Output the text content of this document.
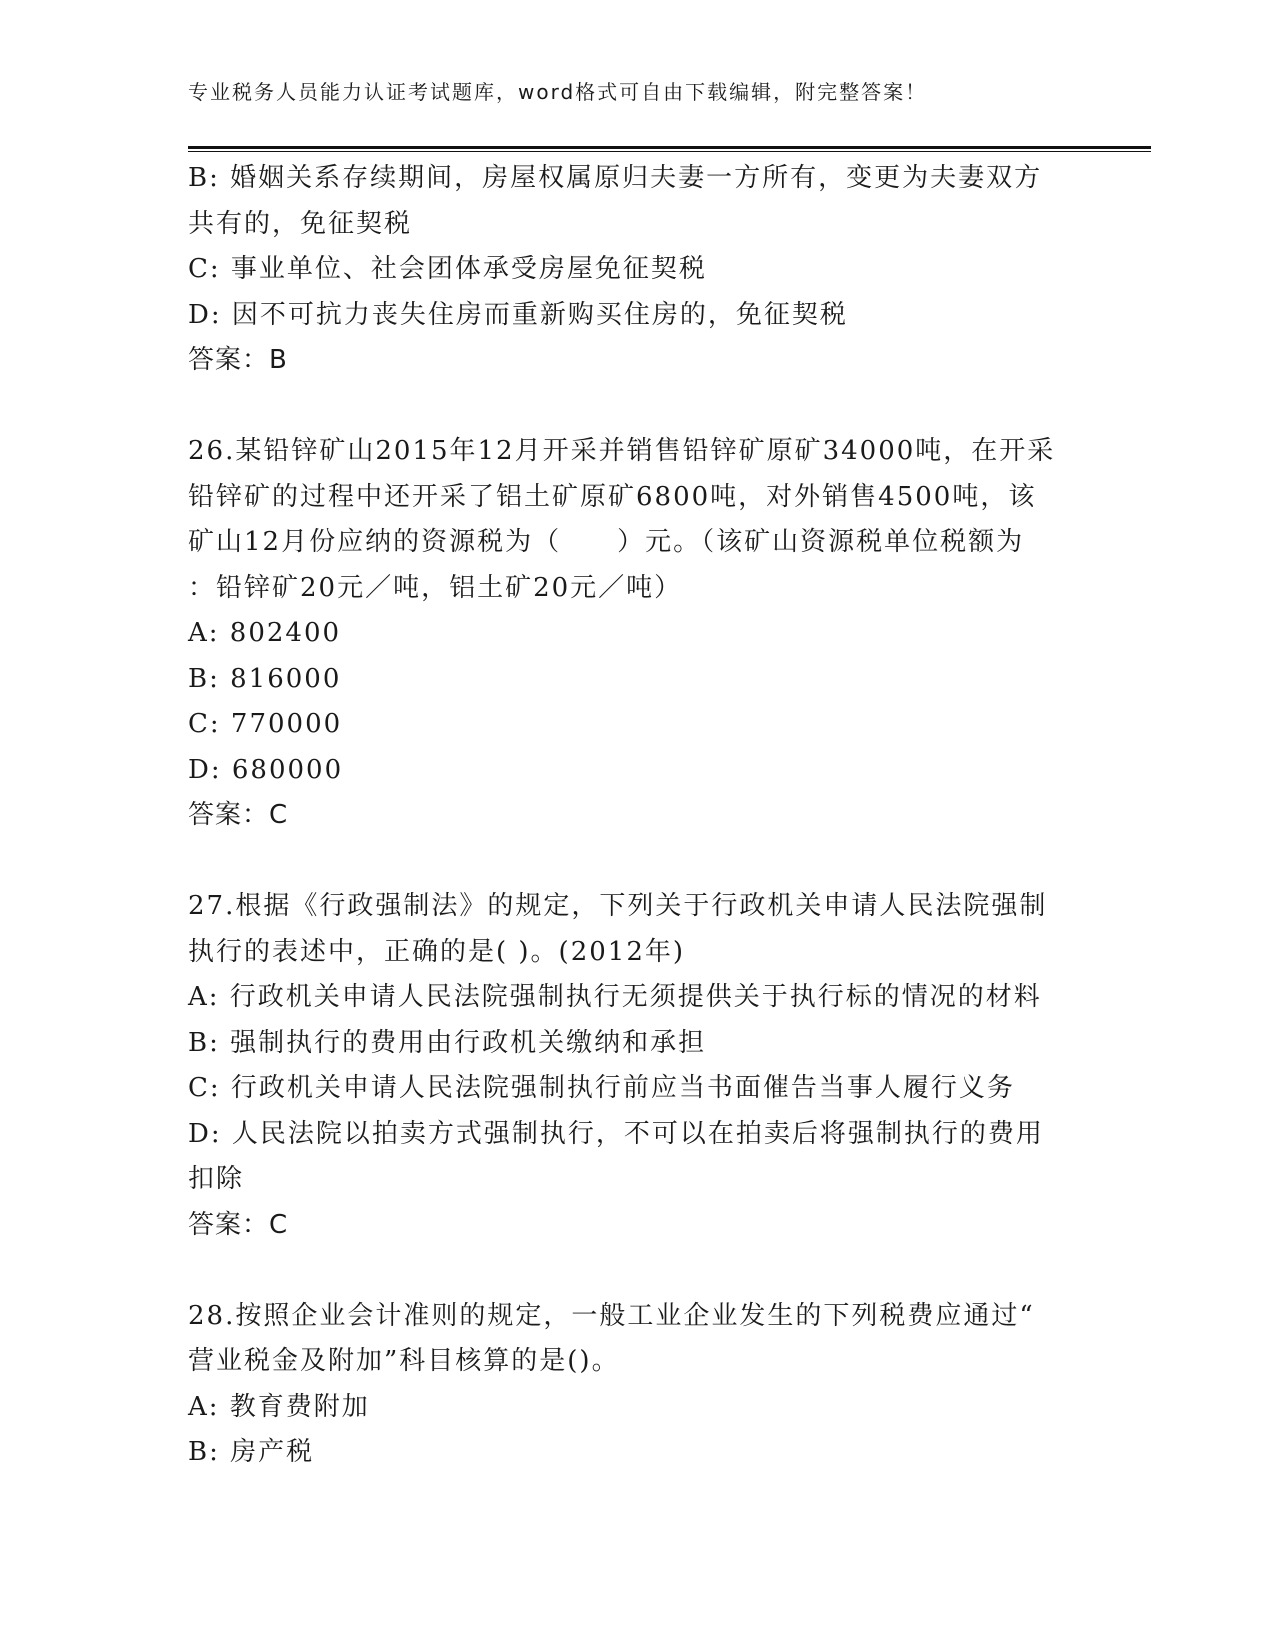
专业税务人员能力认证考试题库，word格式可自由下载编辑，附完整答案！
B: 婚姻关系存续期间，房屋权属原归夫妻一方所有，变更为夫妻双方
共有的，免征契税
C: 事业单位、社会团体承受房屋免征契税
D: 因不可抗力丧失住房而重新购买住房的，免征契税
答案：B
26.某铅锌矿山2015年12月开采并销售铅锌矿原矿34000吨，在开采
铅锌矿的过程中还开采了铝土矿原矿6800吨，对外销售4500吨，该
矿山12月份应纳的资源税为（　　）元。（该矿山资源税单位税额为
：铅锌矿20元／吨，铝土矿20元／吨）
A: 802400
B: 816000
C: 770000
D: 680000
答案：C
27.根据《行政强制法》的规定，下列关于行政机关申请人民法院强制
执行的表述中，正确的是( )。(2012年)
A: 行政机关申请人民法院强制执行无须提供关于执行标的情况的材料
B: 强制执行的费用由行政机关缴纳和承担
C: 行政机关申请人民法院强制执行前应当书面催告当事人履行义务
D: 人民法院以拍卖方式强制执行，不可以在拍卖后将强制执行的费用
扣除
答案：C
28.按照企业会计准则的规定，一般工业企业发生的下列税费应通过“
营业税金及附加”科目核算的是()。
A: 教育费附加
B: 房产税
